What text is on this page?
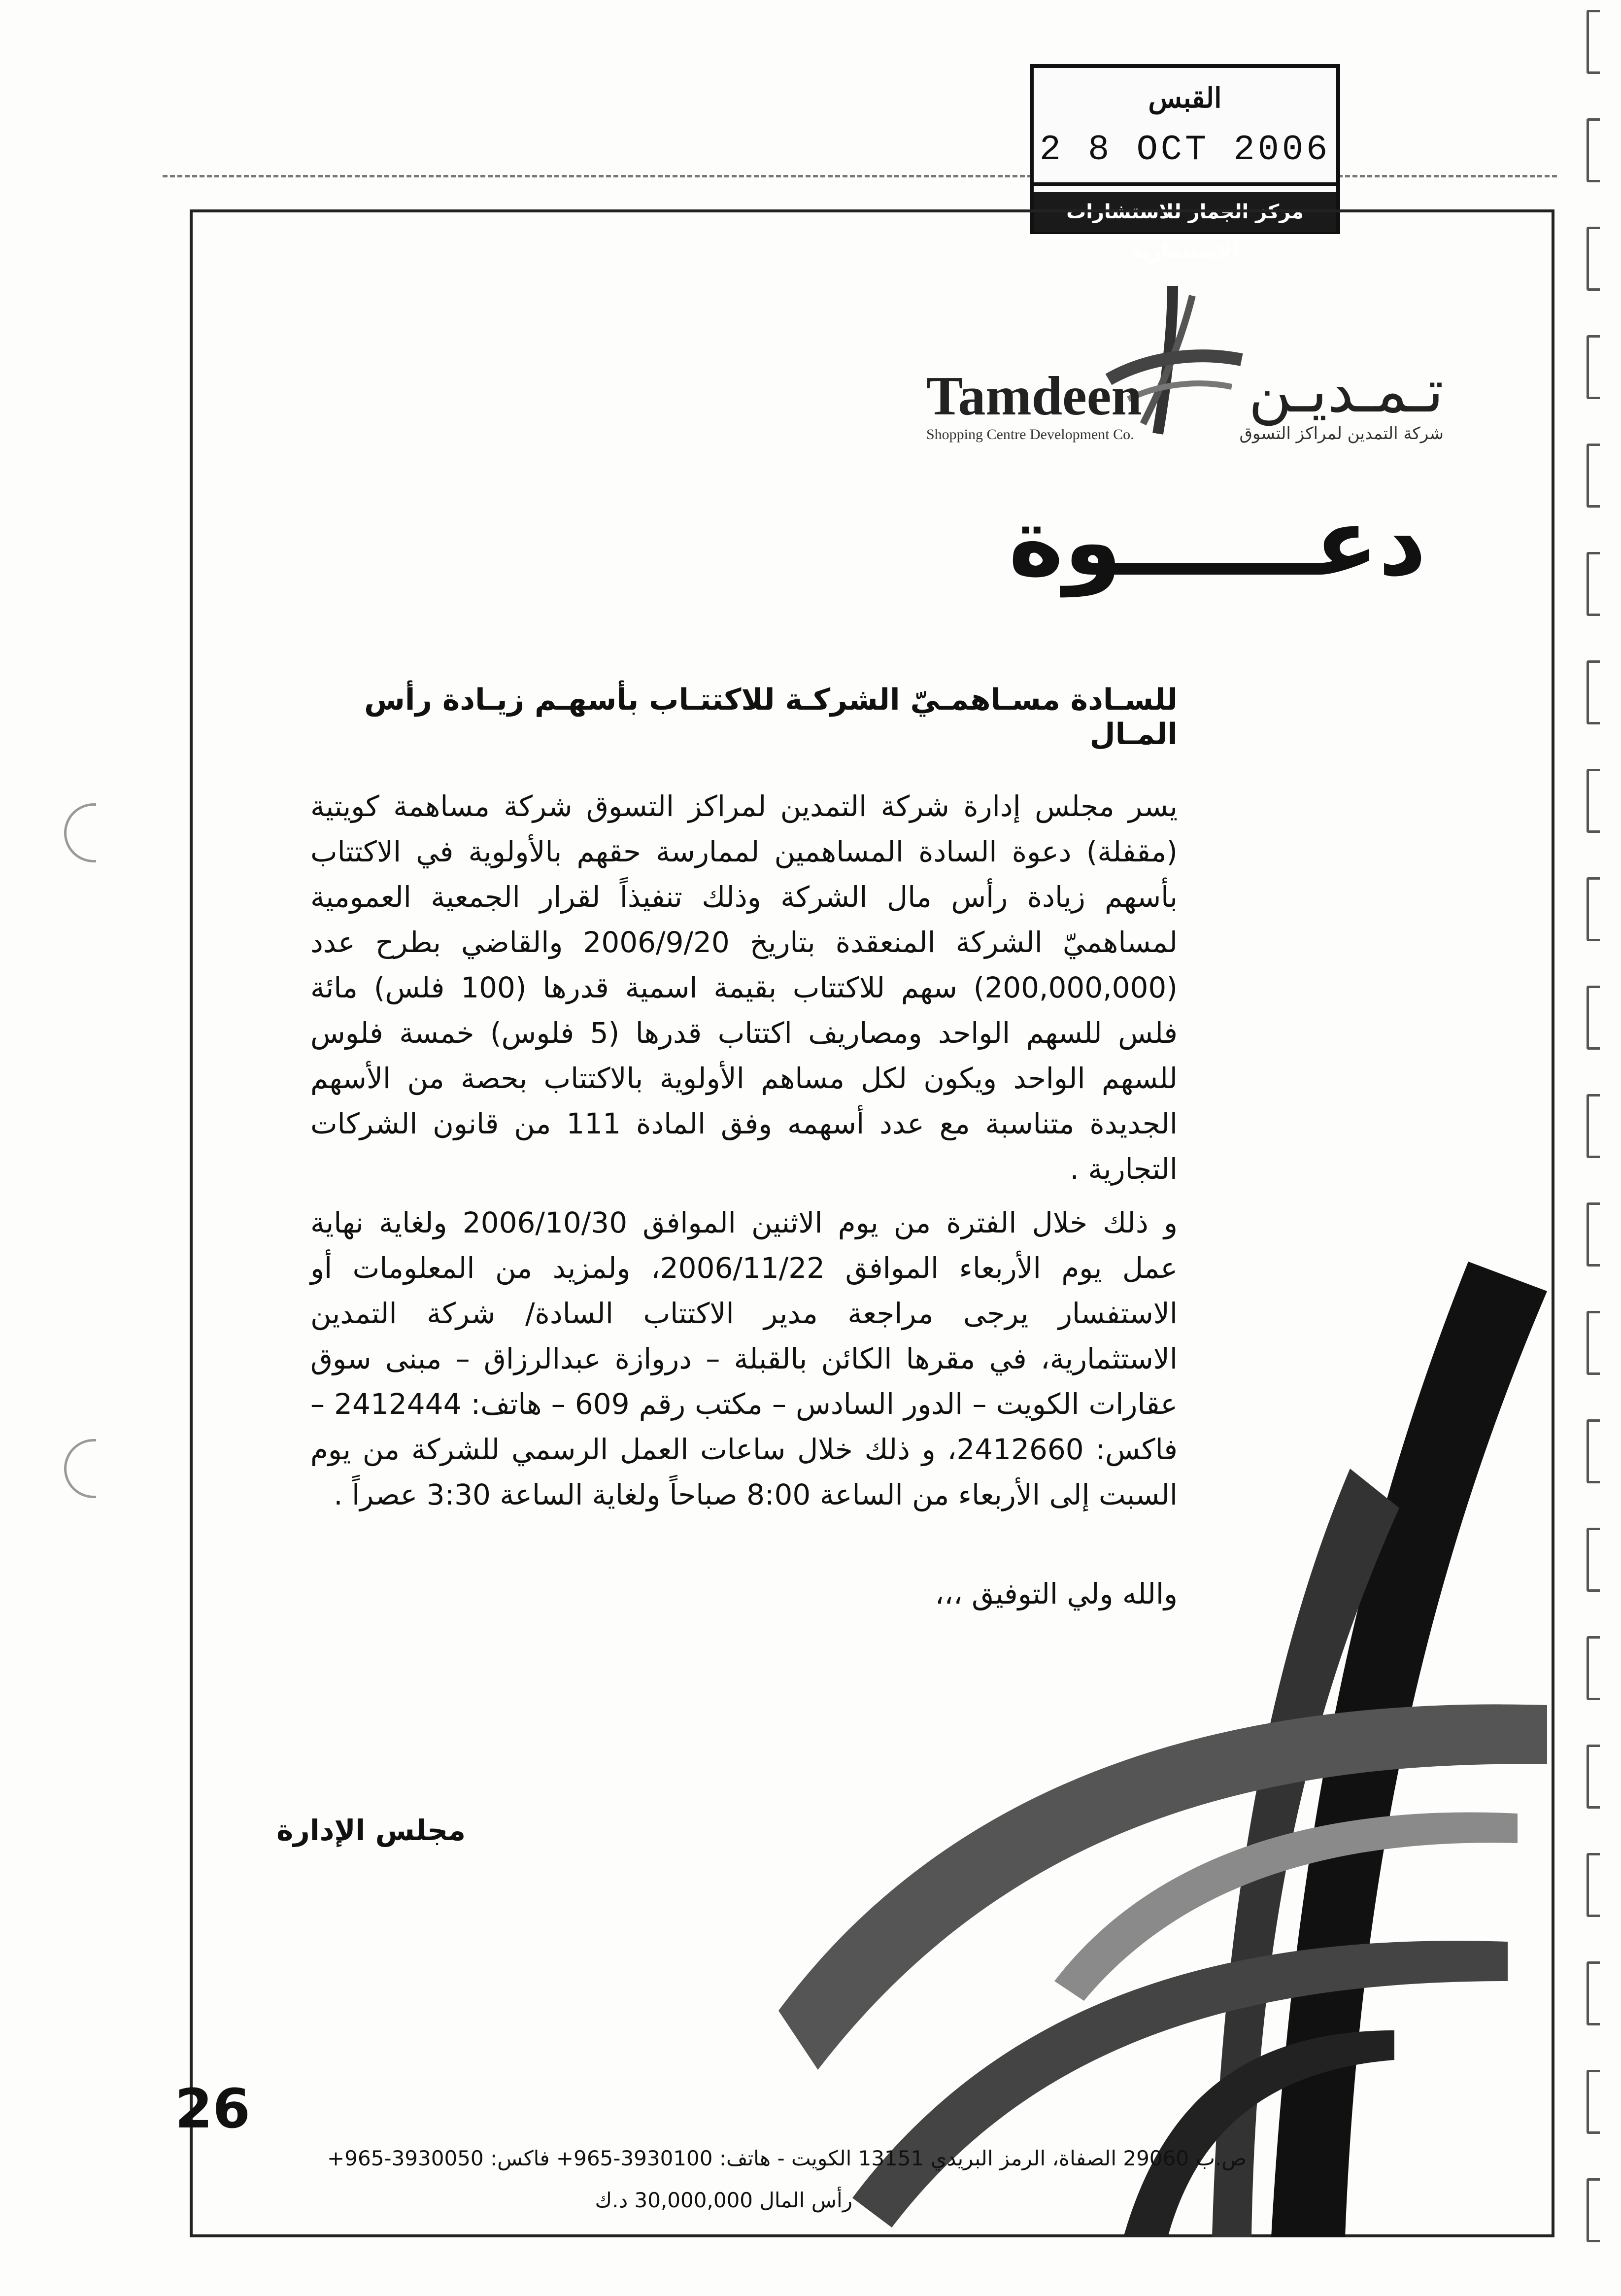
القبس
2 8 OCT 2006
مركز الجماز للاستشارات الاستثمارية
Tamdeen
Shopping Centre Development Co.
تـمـديـن
شركة التمدين لمراكز التسوق
دعــــــوة
للسـادة مسـاهمـيّ الشركـة للاكتتـاب بأسهـم زيـادة رأس المـال
يسر مجلس إدارة شركة التمدين لمراكز التسوق شركة مساهمة كويتية (مقفلة) دعوة السادة المساهمين لممارسة حقهم بالأولوية في الاكتتاب بأسهم زيادة رأس مال الشركة وذلك تنفيذاً لقرار الجمعية العمومية لمساهميّ الشركة المنعقدة بتاريخ 2006/9/20 والقاضي بطرح عدد (200,000,000) سهم للاكتتاب بقيمة اسمية قدرها (100 فلس) مائة فلس للسهم الواحد ومصاريف اكتتاب قدرها (5 فلوس) خمسة فلوس للسهم الواحد ويكون لكل مساهم الأولوية بالاكتتاب بحصة من الأسهم الجديدة متناسبة مع عدد أسهمه وفق المادة 111 من قانون الشركات التجارية .
و ذلك خلال الفترة من يوم الاثنين الموافق 2006/10/30 ولغاية نهاية عمل يوم الأربعاء الموافق 2006/11/22، ولمزيد من المعلومات أو الاستفسار يرجى مراجعة مدير الاكتتاب السادة/ شركة التمدين الاستثمارية، في مقرها الكائن بالقبلة – دروازة عبدالرزاق – مبنى سوق عقارات الكويت – الدور السادس – مكتب رقم 609 – هاتف: 2412444 – فاكس: 2412660، و ذلك خلال ساعات العمل الرسمي للشركة من يوم السبت إلى الأربعاء من الساعة 8:00 صباحاً ولغاية الساعة 3:30 عصراً .
والله ولي التوفيق ،،،
مجلس الإدارة
26
ص.ب 29060 الصفاة، الرمز البريدي 13151 الكويت - هاتف: 3930100-965+ فاكس: 3930050-965+
رأس المال 30,000,000 د.ك
